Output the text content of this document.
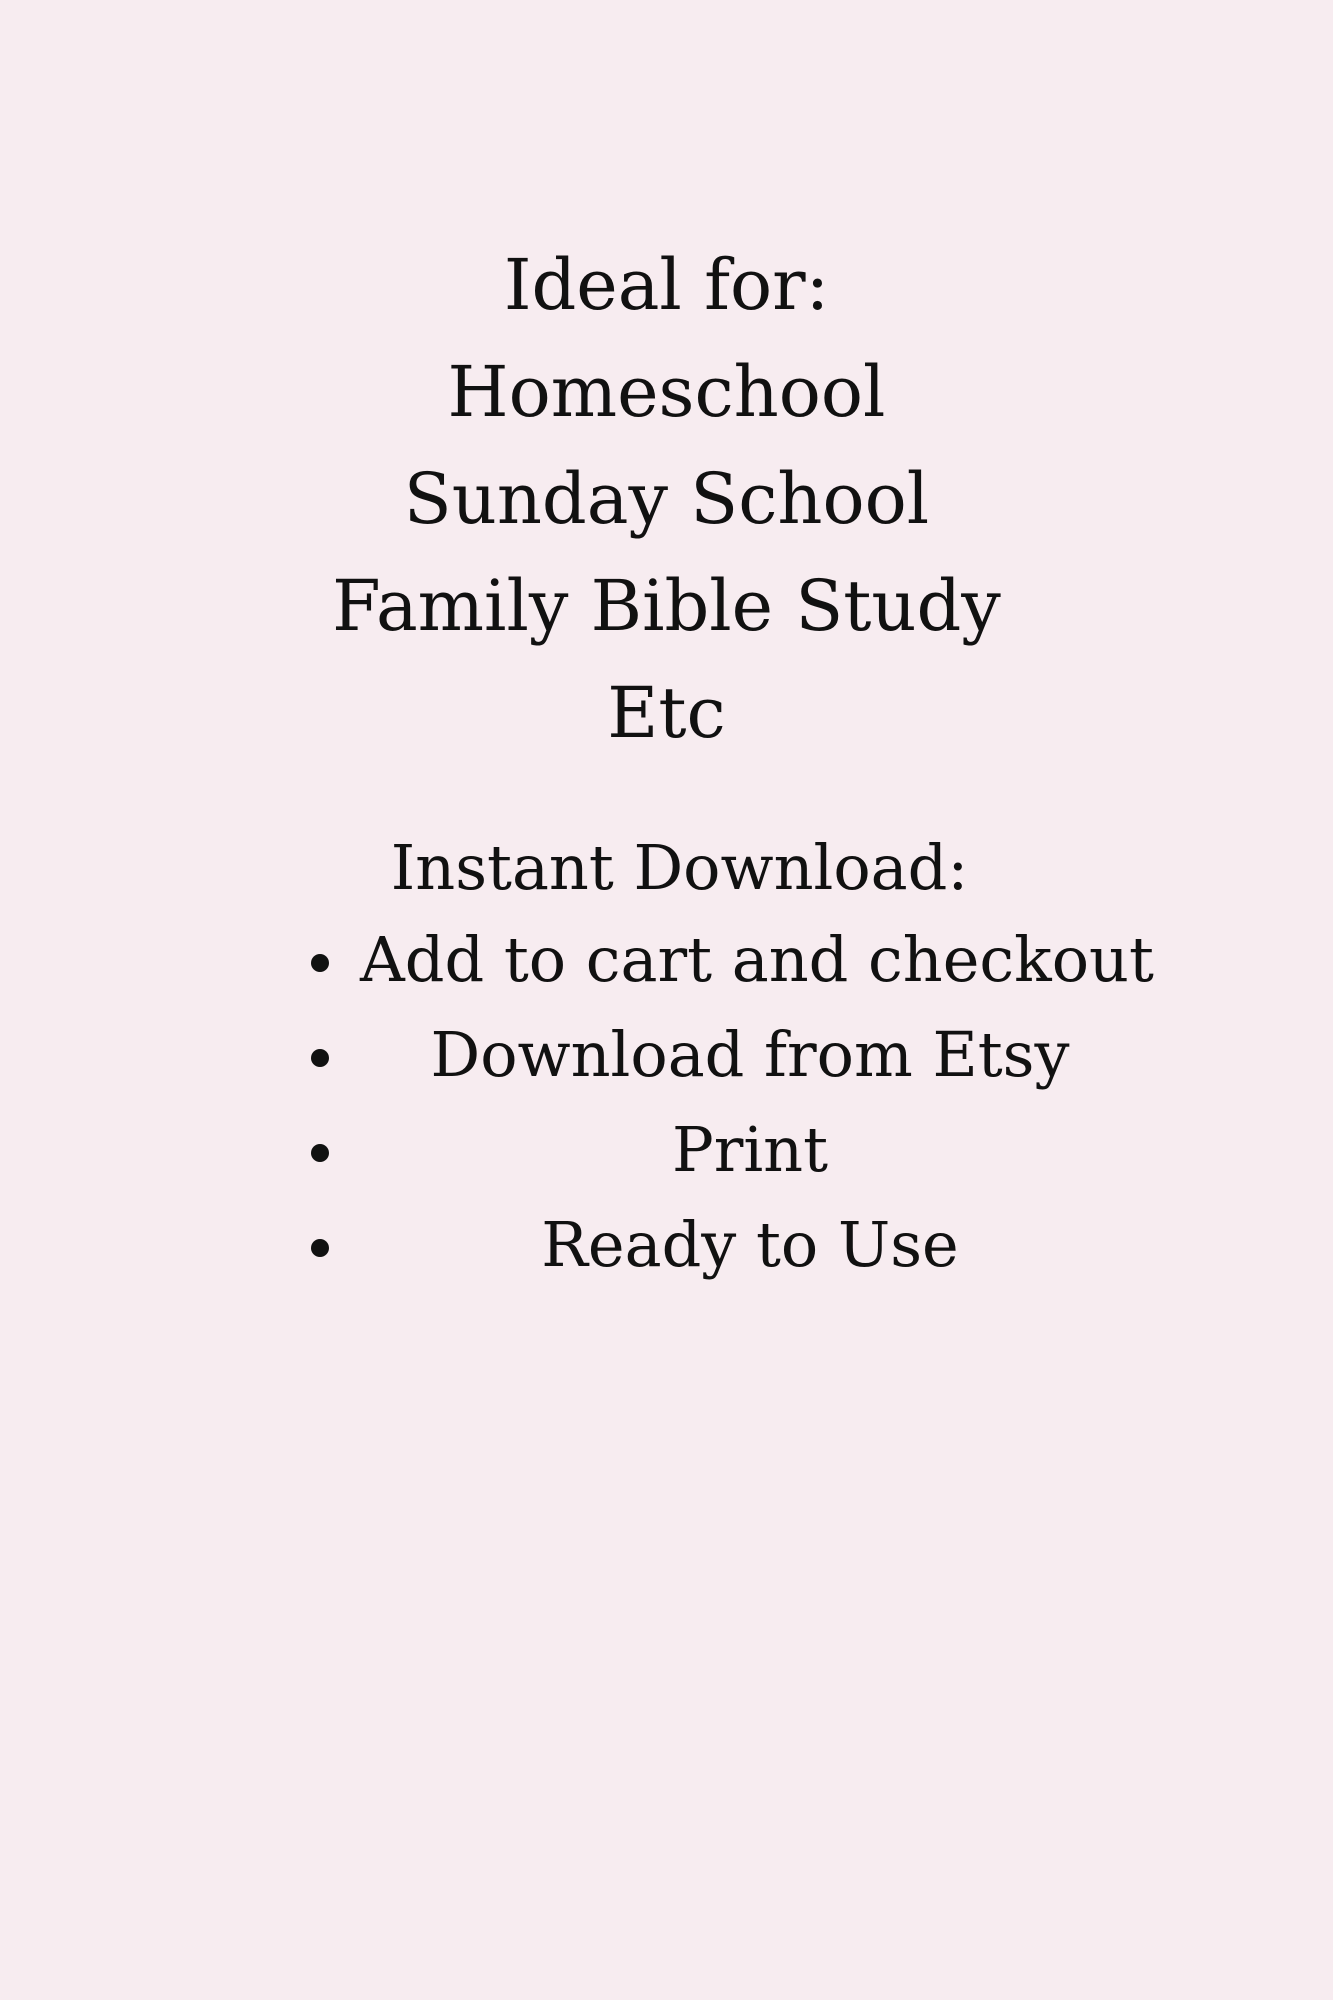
Ideal for:
Homeschool
Sunday School
Family Bible Study
Etc
Instant Download:
Add to cart and checkout
Download from Etsy
Print
Ready to Use
